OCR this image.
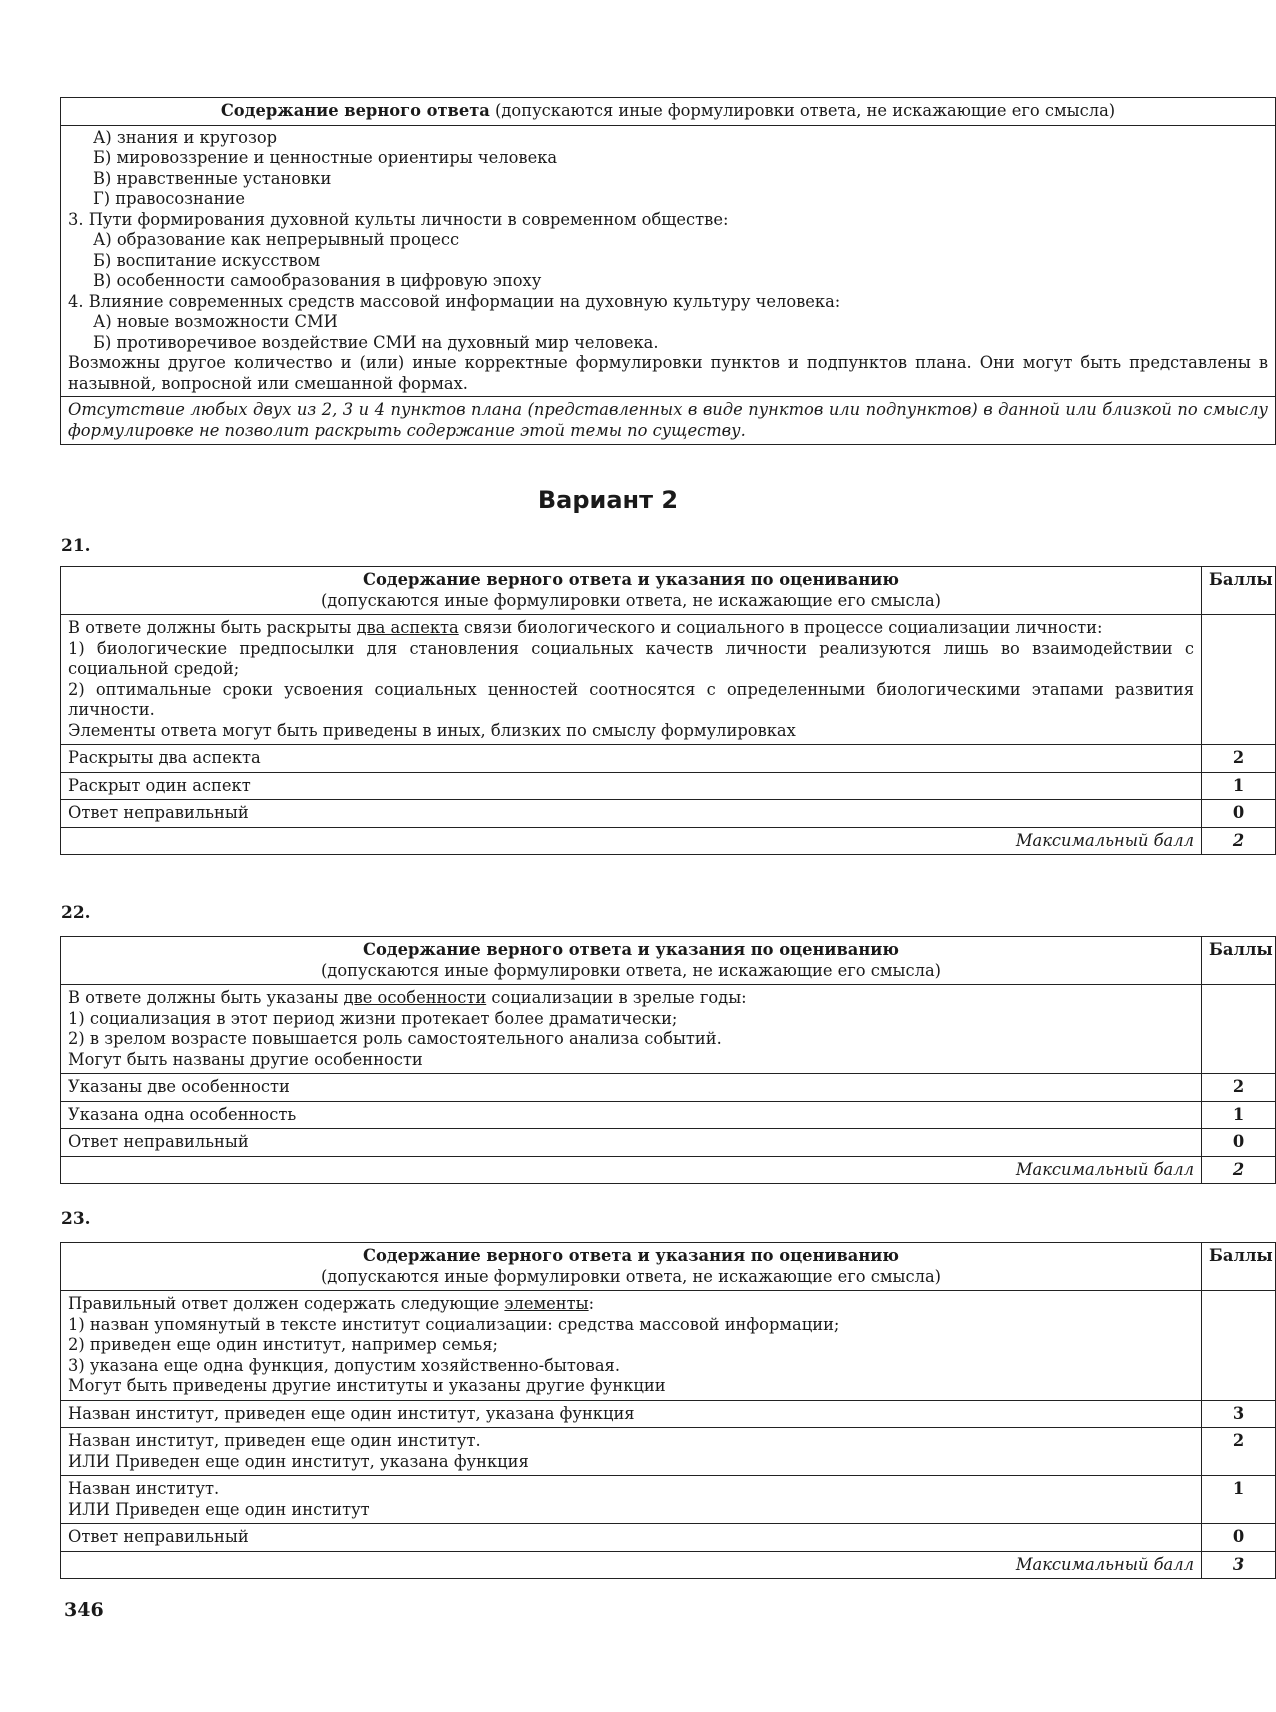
Содержание верного ответа (допускаются иные формулировки ответа, не искажающие его смысла)

А) знания и кругозор
Б) мировоззрение и ценностные ориентиры человека
В) нравственные установки
Г) правосознание
3. Пути формирования духовной культы личности в современном обществе:
А) образование как непрерывный процесс
Б) воспитание искусством
В) особенности самообразования в цифровую эпоху
4. Влияние современных средств массовой информации на духовную культуру человека:
А) новые возможности СМИ
Б) противоречивое воздействие СМИ на духовный мир человека.
Возможны другое количество и (или) иные корректные формулировки пунктов и подпунктов плана. Они могут быть представлены в назывной, вопросной или смешанной формах.

Отсутствие любых двух из 2, 3 и 4 пунктов плана (представленных в виде пунктов или подпунктов) в данной или близкой по смыслу формулировке не позволит раскрыть содержание этой темы по существу.
Вариант 2
21.
Содержание верного ответа и указания по оцениванию
(допускаются иные формулировки ответа, не искажающие его смысла)	Баллы

В ответе должны быть раскрыты два аспекта связи биологического и социального в процессе социализации личности:
1) биологические предпосылки для становления социальных качеств личности реализуются лишь во взаимодействии с социальной средой;
2) оптимальные сроки усвоения социальных ценностей соотносятся с определенными биологическими этапами развития личности.
Элементы ответа могут быть приведены в иных, близких по смыслу формулировках	

Раскрыты два аспекта	2
Раскрыт один аспект	1
Ответ неправильный	0
Максимальный балл	2
22.
Содержание верного ответа и указания по оцениванию
(допускаются иные формулировки ответа, не искажающие его смысла)	Баллы

В ответе должны быть указаны две особенности социализации в зрелые годы:
1) социализация в этот период жизни протекает более драматически;
2) в зрелом возрасте повышается роль самостоятельного анализа событий.
Могут быть названы другие особенности	

Указаны две особенности	2
Указана одна особенность	1
Ответ неправильный	0
Максимальный балл	2
23.
Содержание верного ответа и указания по оцениванию
(допускаются иные формулировки ответа, не искажающие его смысла)	Баллы

Правильный ответ должен содержать следующие элементы:
1) назван упомянутый в тексте институт социализации: средства массовой информации;
2) приведен еще один институт, например семья;
3) указана еще одна функция, допустим хозяйственно-бытовая.
Могут быть приведены другие институты и указаны другие функции	

Назван институт, приведен еще один институт, указана функция	3

Назван институт, приведен еще один институт.
ИЛИ Приведен еще один институт, указана функция	2

Назван институт.
ИЛИ Приведен еще один институт	1

Ответ неправильный	0
Максимальный балл	3
346
